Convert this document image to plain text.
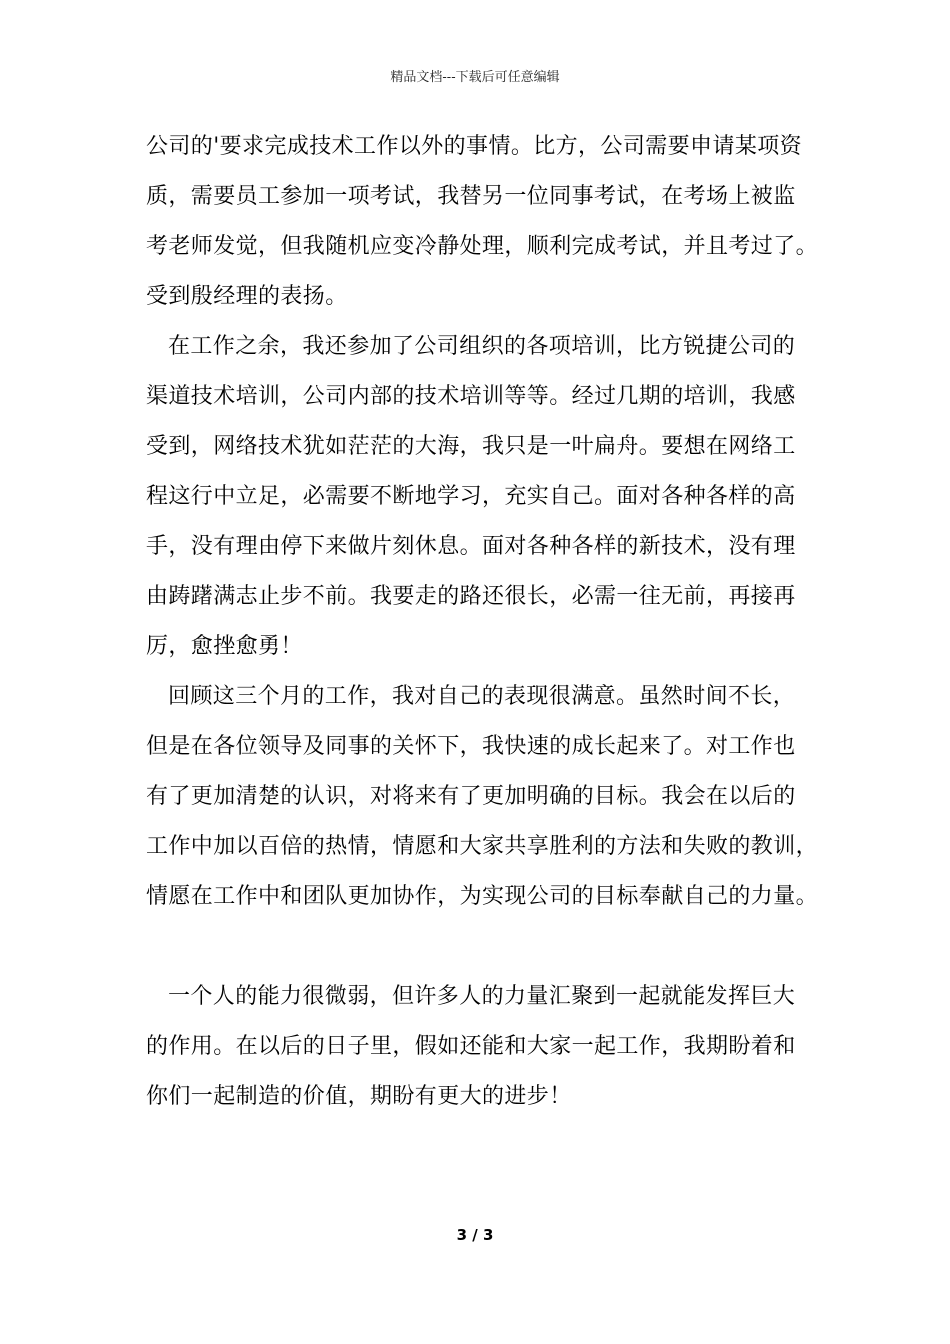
精品文档---下载后可任意编辑
公司的'要求完成技术工作以外的事情。比方，公司需要申请某项资
质，需要员工参加一项考试，我替另一位同事考试，在考场上被监
考老师发觉，但我随机应变冷静处理，顺利完成考试，并且考过了。
受到殷经理的表扬。
在工作之余，我还参加了公司组织的各项培训，比方锐捷公司的
渠道技术培训，公司内部的技术培训等等。经过几期的培训，我感
受到，网络技术犹如茫茫的大海，我只是一叶扁舟。要想在网络工
程这行中立足，必需要不断地学习，充实自己。面对各种各样的高
手，没有理由停下来做片刻休息。面对各种各样的新技术，没有理
由踌躇满志止步不前。我要走的路还很长，必需一往无前，再接再
厉，愈挫愈勇！
回顾这三个月的工作，我对自己的表现很满意。虽然时间不长，
但是在各位领导及同事的关怀下，我快速的成长起来了。对工作也
有了更加清楚的认识，对将来有了更加明确的目标。我会在以后的
工作中加以百倍的热情，情愿和大家共享胜利的方法和失败的教训，
情愿在工作中和团队更加协作，为实现公司的目标奉献自己的力量。
一个人的能力很微弱，但许多人的力量汇聚到一起就能发挥巨大
的作用。在以后的日子里，假如还能和大家一起工作，我期盼着和
你们一起制造的价值，期盼有更大的进步！
3 / 3
